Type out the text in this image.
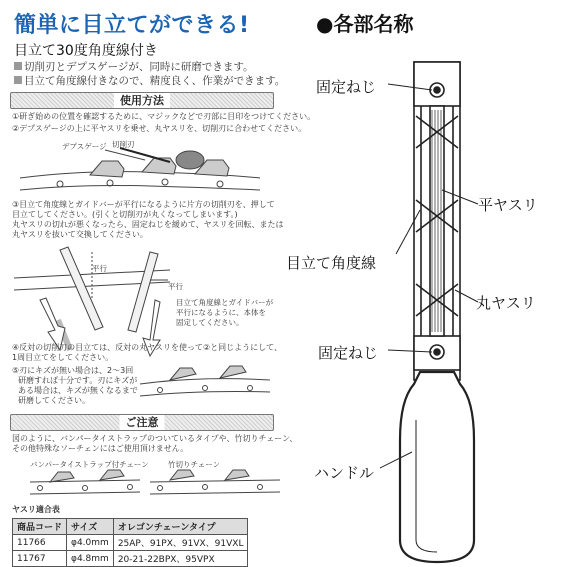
簡単に目立てができる!
目立て30度角度線付き
切削刃とデプスゲージが、同時に研磨できます。
目立て角度線付きなので、精度良く、作業ができます。
使用方法
①研ぎ始めの位置を確認するために、マジックなどで刃部に目印をつけてください。
②デプスゲージの上に平ヤスリを乗せ、丸ヤスリを、切削刃に合わせてください。
デプスゲージ 切削刃
③目立て角度線とガイドバーが平行になるように片方の切削刃を、押して
目立てしてください。(引くと切削刃が丸くなってしまいます。)
丸ヤスリの切れが悪くなったら、固定ねじを緩めて、ヤスリを回転、または
丸ヤスリを抜いて交換してください。
平行
平行
目立て角度線とガイドバーが
平行になるように、本体を
固定してください。
④反対の切削刃の目立ては、反対の丸ヤスリを使って②と同じようにして、
1周目立てをしてください。
⑤刃にキズが無い場合は、2～3回
研磨すれば十分です。刃にキズが
ある場合は、キズが無くなるまで
研磨してください。
ご注意
図のように、バンパータイストラップのついているタイプや、竹切りチェーン、
その他特殊なソーチェンにはご使用頂けません。
バンパータイストラップ付チェーン	竹切りチェーン
ヤスリ適合表
商品コード	サイズ	オレゴンチェーンタイプ
11766	φ4.0mm	25AP、91PX、91VX、91VXL
11767	φ4.8mm	20-21-22BPX、95VPX
●各部名称
固定ねじ
平ヤスリ
目立て角度線
丸ヤスリ
固定ねじ
ハンドル
